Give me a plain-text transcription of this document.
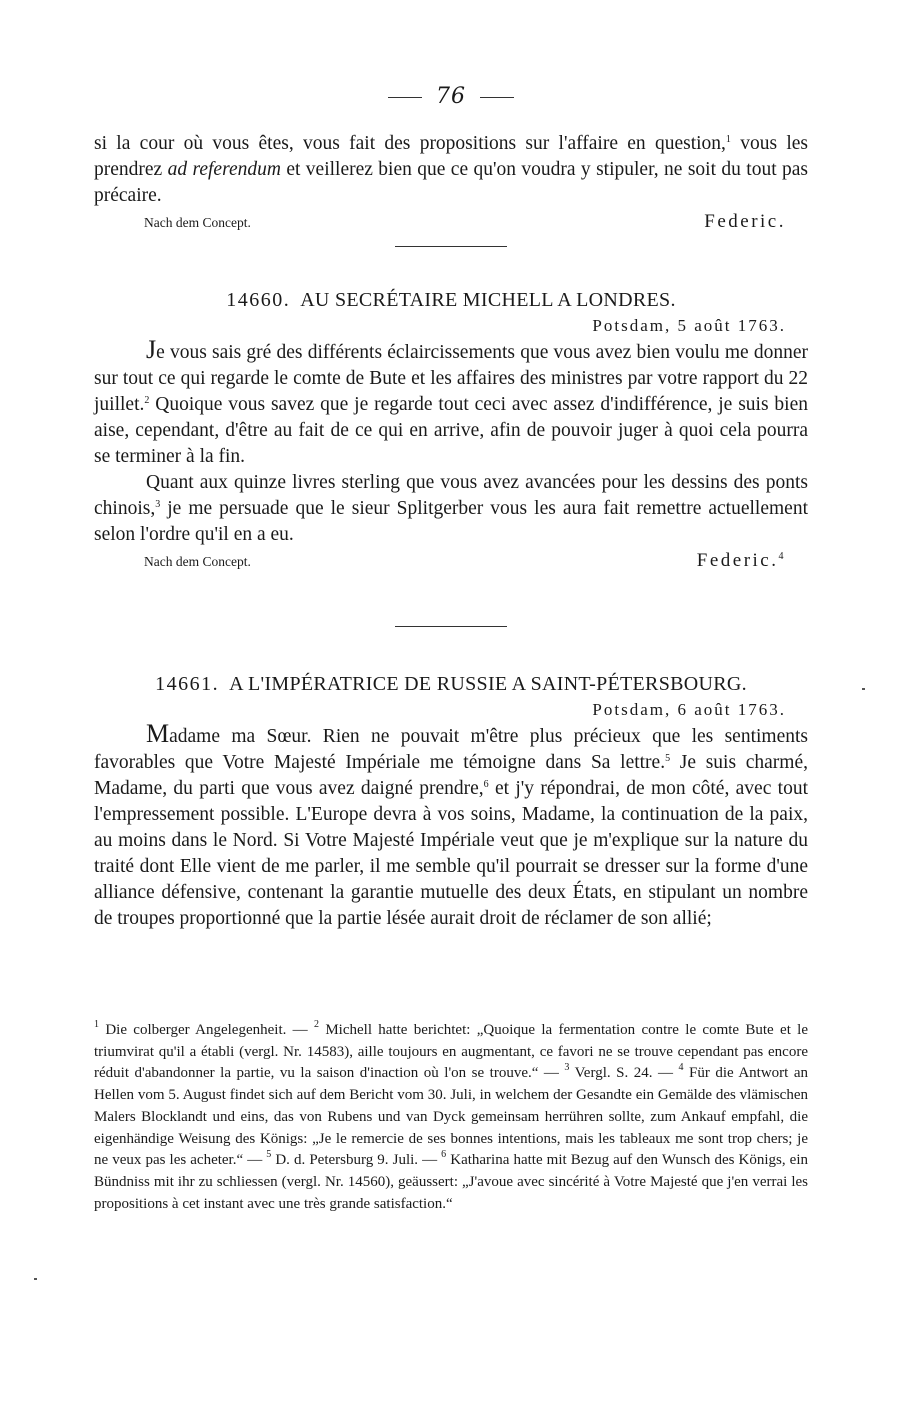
76

si la cour où vous êtes, vous fait des propositions sur l'affaire en question,$^1$ vous les prendrez ad referendum et veillerez bien que ce qu'on voudra y stipuler, ne soit du tout pas précaire.

Nach dem Concept.	Federic.
14660. AU SECRÉTAIRE MICHELL A LONDRES.
Potsdam, 5 août 1763.

Je vous sais gré des différents éclaircissements que vous avez bien voulu me donner sur tout ce qui regarde le comte de Bute et les affaires des ministres par votre rapport du 22 juillet.$^2$ Quoique vous savez que je regarde tout ceci avec assez d'indifférence, je suis bien aise, cependant, d'être au fait de ce qui en arrive, afin de pouvoir juger à quoi cela pourra se terminer à la fin.

Quant aux quinze livres sterling que vous avez avancées pour les dessins des ponts chinois,$^3$ je me persuade que le sieur Splitgerber vous les aura fait remettre actuellement selon l'ordre qu'il en a eu.

Nach dem Concept.	Federic.$^4$
14661. A L'IMPÉRATRICE DE RUSSIE A SAINT-PÉTERSBOURG.
Potsdam, 6 août 1763.

Madame ma Sœur. Rien ne pouvait m'être plus précieux que les sentiments favorables que Votre Majesté Impériale me témoigne dans Sa lettre.$^5$ Je suis charmé, Madame, du parti que vous avez daigné prendre,$^6$ et j'y répondrai, de mon côté, avec tout l'empressement possible. L'Europe devra à vos soins, Madame, la continuation de la paix, au moins dans le Nord. Si Votre Majesté Impériale veut que je m'explique sur la nature du traité dont Elle vient de me parler, il me semble qu'il pourrait se dresser sur la forme d'une alliance défensive, contenant la garantie mutuelle des deux États, en stipulant un nombre de troupes proportionné que la partie lésée aurait droit de réclamer de son allié;

$^1$ Die colberger Angelegenheit. — $^2$ Michell hatte berichtet: „Quoique la fermentation contre le comte Bute et le triumvirat qu'il a établi (vergl. Nr. 14583), aille toujours en augmentant, ce favori ne se trouve cependant pas encore réduit d'abandonner la partie, vu la saison d'inaction où l'on se trouve.“ — $^3$ Vergl. S. 24. — $^4$ Für die Antwort an Hellen vom 5. August findet sich auf dem Bericht vom 30. Juli, in welchem der Gesandte ein Gemälde des vlämischen Malers Blocklandt und eins, das von Rubens und van Dyck gemeinsam herrühren sollte, zum Ankauf empfahl, die eigenhändige Weisung des Königs: „Je le remercie de ses bonnes intentions, mais les tableaux me sont trop chers; je ne veux pas les acheter.“ — $^5$ D. d. Petersburg 9. Juli. — $^6$ Katharina hatte mit Bezug auf den Wunsch des Königs, ein Bündniss mit ihr zu schliessen (vergl. Nr. 14560), geäussert: „J'avoue avec sincérité à Votre Majesté que j'en verrai les propositions à cet instant avec une très grande satisfaction.“
